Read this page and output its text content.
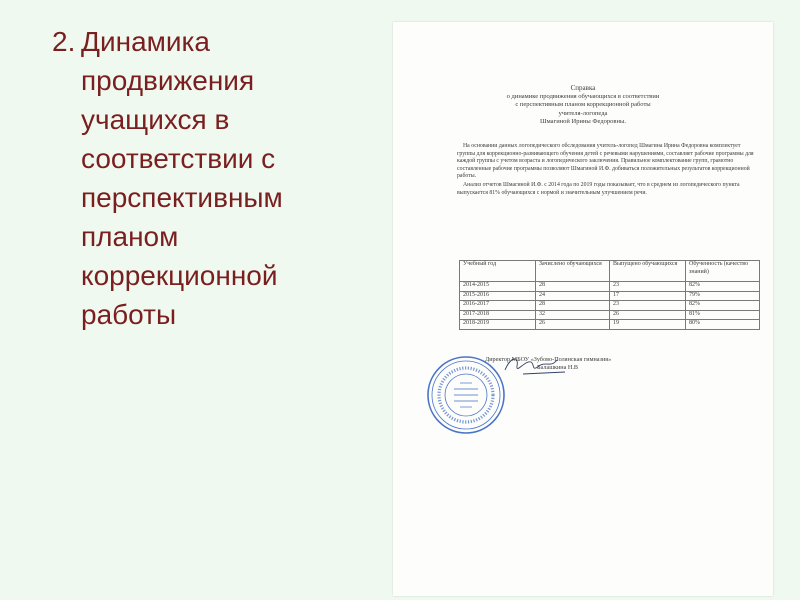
2. Динамика
продвижения
учащихся в
соответствии с
перспективным
планом
коррекционной
работы
Справка
о динамике продвижения обучающихся в соответствии
с перспективным планом коррекционной работы
учителя-логопеда
Шмагиной Ирины Федоровны.

На основании данных логопедического обследования учитель-логопед Шмагина Ирина Федоровна комплектует группы для коррекционно-развивающего обучения детей с речевыми нарушениями, составляет рабочие программы для каждой группы с учетом возраста и логопедического заключения. Правильное комплектование групп, грамотно составленные рабочие программы позволяют Шмагиной И.Ф. добиваться положительных результатов коррекционной работы.

Анализ отчетов Шмагиной И.Ф. с 2014 года по 2019 годы показывает, что в среднем из логопедического пункта выпускается 81% обучающихся с нормой и значительным улучшением речи.

Учебный год	Зачислено обучающихся	Выпущено обучающихся	Обученность (качество знаний)
2014-2015	28	23	82%
2015-2016	24	17	79%
2016-2017	28	23	82%
2017-2018	32	26	81%
2018-2019	26	19	80%
Директор МБОУ «Зубово-Полянская гимназия»
Балашкина Н.В
